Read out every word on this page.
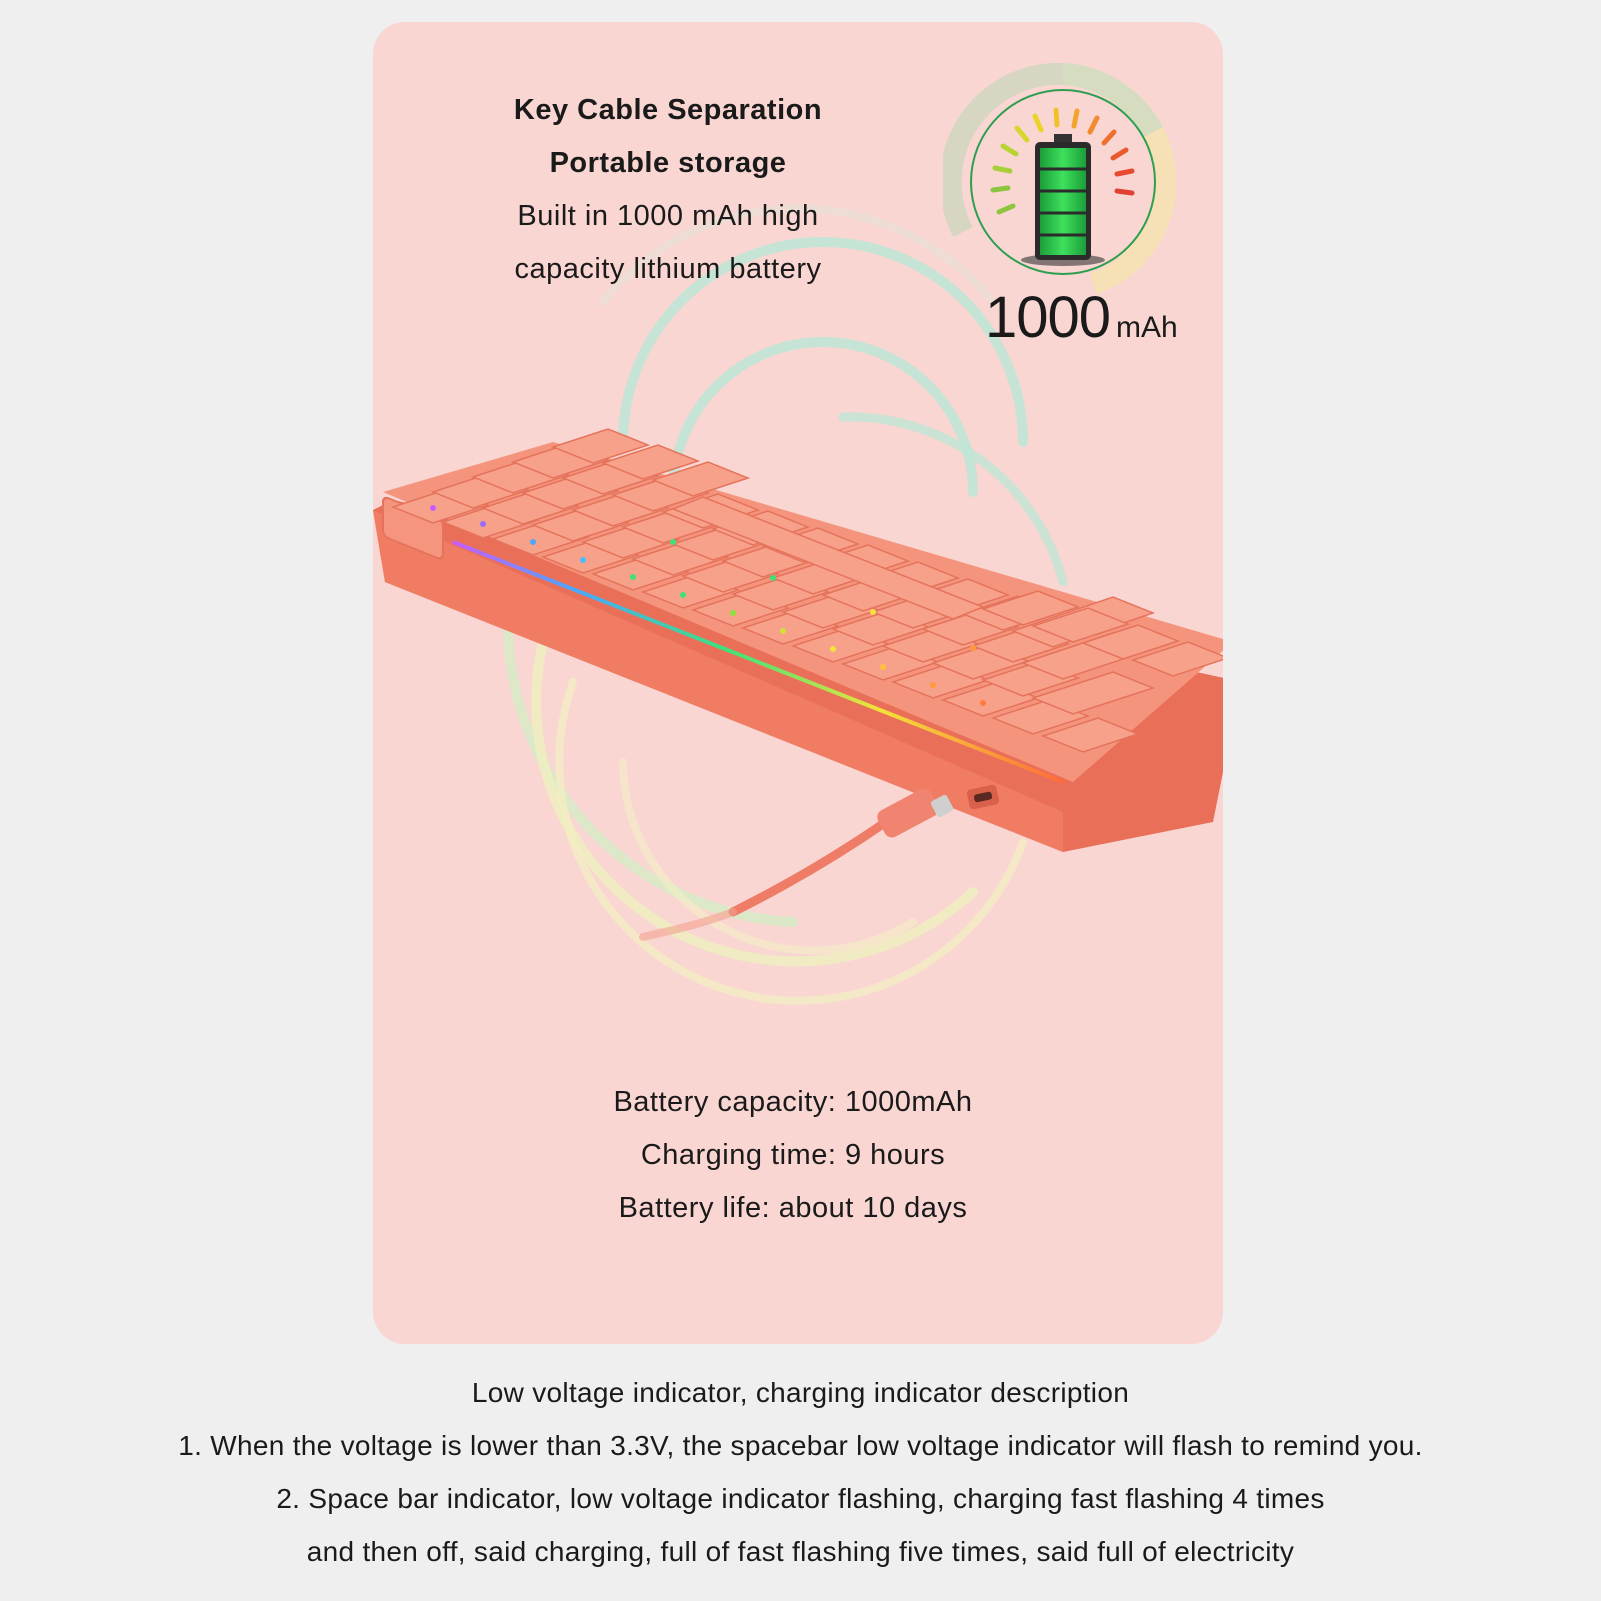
Key Cable Separation
Portable storage
Built in 1000 mAh high
capacity lithium battery
1000 mAh
Battery capacity: 1000mAh
Charging time: 9 hours
Battery life: about 10 days
Low voltage indicator, charging indicator description
1. When the voltage is lower than 3.3V, the spacebar low voltage indicator will flash to remind you.
2. Space bar indicator, low voltage indicator flashing, charging fast flashing 4 times
and then off, said charging, full of fast flashing five times, said full of electricity
